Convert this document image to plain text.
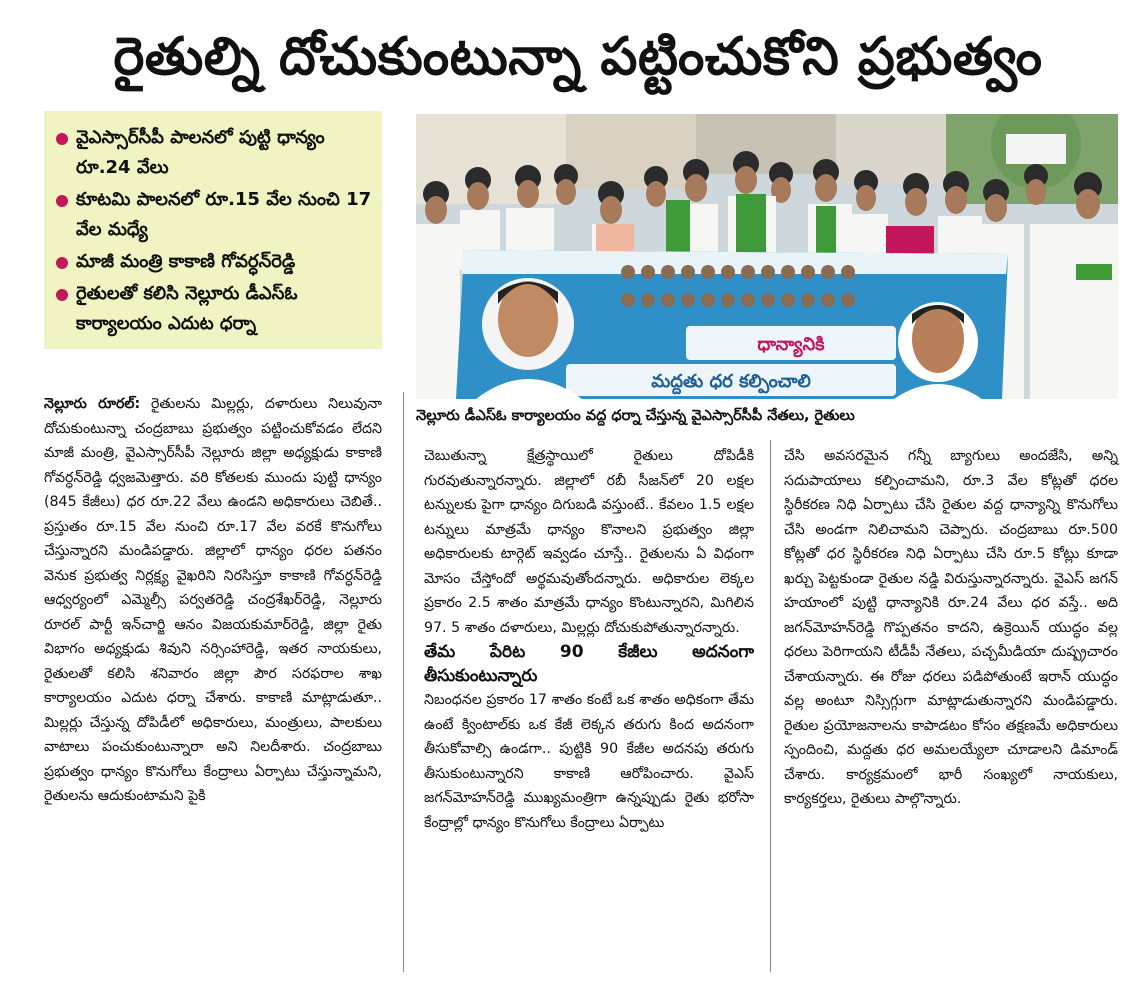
రైతుల్ని దోచుకుంటున్నా పట్టించుకోని ప్రభుత్వం
వైఎస్సార్‌సీపీ పాలనలో పుట్టి ధాన్యం రూ.24 వేలు
కూటమి పాలనలో రూ.15 వేల నుంచి 17 వేల మధ్యే
మాజీ మంత్రి కాకాణి గోవర్ధన్‌రెడ్డి
రైతులతో కలిసి నెల్లూరు డీఎస్‌ఓ కార్యాలయం ఎదుట ధర్నా
ధాన్యానికి
మద్దతు ధర కల్పించాలి
నెల్లూరు డీఎస్‌ఓ కార్యాలయం వద్ద ధర్నా చేస్తున్న వైఎస్సార్‌సీపీ నేతలు, రైతులు

నెల్లూరు రూరల్: రైతులను మిల్లర్లు, దళారులు నిలువునా దోచుకుంటున్నా చంద్రబాబు ప్రభుత్వం పట్టించుకోవడం లేదని మాజీ మంత్రి, వైఎస్సార్‌సీపీ నెల్లూరు జిల్లా అధ్యక్షుడు కాకాణి గోవర్ధన్‌రెడ్డి ధ్వజమెత్తారు. వరి కోతలకు ముందు పుట్టి ధాన్యం (845 కేజీలు) ధర రూ.22 వేలు ఉండని అధికారులు చెబితే.. ప్రస్తుతం రూ.15 వేల నుంచి రూ.17 వేల వరకే కొనుగోలు చేస్తున్నారని మండిపడ్డారు. జిల్లాలో ధాన్యం ధరల పతనం వెనుక ప్రభుత్వ నిర్లక్ష్య వైఖరిని నిరసిస్తూ కాకాణి గోవర్ధన్‌రెడ్డి ఆధ్వర్యంలో ఎమ్మెల్సీ పర్వతరెడ్డి చంద్రశేఖర్‌రెడ్డి, నెల్లూరు రూరల్ పార్టీ ఇన్‌చార్జి ఆనం విజయకుమార్‌రెడ్డి, జిల్లా రైతు విభాగం అధ్యక్షుడు శివుని నర్సింహారెడ్డి, ఇతర నాయకులు, రైతులతో కలిసి శనివారం జిల్లా పౌర సరఫరాల శాఖ కార్యాలయం ఎదుట ధర్నా చేశారు. కాకాణి మాట్లాడుతూ.. మిల్లర్లు చేస్తున్న దోపిడీలో అధికారులు, మంత్రులు, పాలకులు వాటాలు పంచుకుంటున్నారా అని నిలదీశారు. చంద్రబాబు ప్రభుత్వం ధాన్యం కొనుగోలు కేంద్రాలు ఏర్పాటు చేస్తున్నామని, రైతులను ఆదుకుంటామని పైకి

చెబుతున్నా క్షేత్రస్థాయిలో రైతులు దోపిడీకి గురవుతున్నారన్నారు. జిల్లాలో రబీ సీజన్‌లో 20 లక్షల టన్నులకు పైగా ధాన్యం దిగుబడి వస్తుంటే.. కేవలం 1.5 లక్షల టన్నులు మాత్రమే ధాన్యం కొనాలని ప్రభుత్వం జిల్లా అధికారులకు టార్గెట్ ఇవ్వడం చూస్తే.. రైతులను ఏ విధంగా మోసం చేస్తోందో అర్థమవుతోందన్నారు. అధికారుల లెక్కల ప్రకారం 2.5 శాతం మాత్రమే ధాన్యం కొంటున్నారని, మిగిలిన 97. 5 శాతం దళారులు, మిల్లర్లు దోచుకుపోతున్నారన్నారు.

తేమ పేరిట 90 కేజీలు అదనంగా తీసుకుంటున్నారు

నిబంధనల ప్రకారం 17 శాతం కంటే ఒక శాతం అధికంగా తేమ ఉంటే క్వింటాల్‌కు ఒక కేజీ లెక్కన తరుగు కింద అదనంగా తీసుకోవాల్సి ఉండగా.. పుట్టికి 90 కేజీల అదనపు తరుగు తీసుకుంటున్నారని కాకాణి ఆరోపించారు. వైఎస్ జగన్‌మోహన్‌రెడ్డి ముఖ్యమంత్రిగా ఉన్నప్పుడు రైతు భరోసా కేంద్రాల్లో ధాన్యం కొనుగోలు కేంద్రాలు ఏర్పాటు

చేసి అవసరమైన గన్నీ బ్యాగులు అందజేసి, అన్ని సదుపాయాలు కల్పించామని, రూ.3 వేల కోట్లతో ధరల స్థిరీకరణ నిధి ఏర్పాటు చేసి రైతుల వద్ద ధాన్యాన్ని కొనుగోలు చేసి అండగా నిలిచామని చెప్పారు. చంద్రబాబు రూ.500 కోట్లతో ధర స్థిరీకరణ నిధి ఏర్పాటు చేసి రూ.5 కోట్లు కూడా ఖర్చు పెట్టకుండా రైతుల నడ్డి విరుస్తున్నారన్నారు. వైఎస్ జగన్ హయాంలో పుట్టి ధాన్యానికి రూ.24 వేలు ధర వస్తే.. అది జగన్‌మోహన్‌రెడ్డి గొప్పతనం కాదని, ఉక్రెయిన్ యుద్ధం వల్ల ధరలు పెరిగాయని టీడీపీ నేతలు, పచ్చమీడియా దుష్ప్రచారం చేశాయన్నారు. ఈ రోజు ధరలు పడిపోతుంటే ఇరాన్ యుద్ధం వల్ల అంటూ నిస్సిగ్గుగా మాట్లాడుతున్నారని మండిపడ్డారు. రైతుల ప్రయోజనాలను కాపాడటం కోసం తక్షణమే అధికారులు స్పందించి, మద్దతు ధర అమలయ్యేలా చూడాలని డిమాండ్ చేశారు. కార్యక్రమంలో భారీ సంఖ్యలో నాయకులు, కార్యకర్తలు, రైతులు పాల్గొన్నారు.
